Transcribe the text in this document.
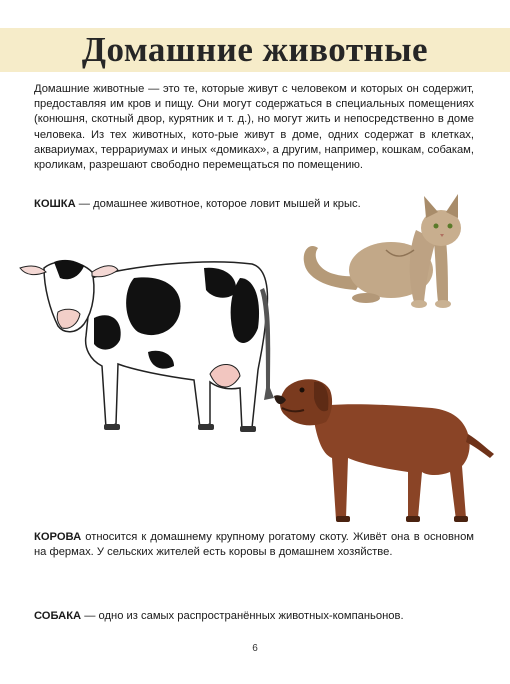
Домашние животные

Домашние животные — это те, которые живут с человеком и которых он содержит, предоставляя им кров и пищу. Они могут содержаться в специальных помещениях (конюшня, скотный двор, курятник и т. д.), но могут жить и непосредственно в доме человека. Из тех животных, кото-рые живут в доме, одних содержат в клетках, аквариумах, террариумах и иных «домиках», а другим, например, кошкам, собакам, кроликам, разрешают свободно перемещаться по помещению.

КОШКА — домашнее животное, которое ловит мышей и крыс.

КОРОВА относится к домашнему крупному рогатому скоту. Живёт она в основном на фермах. У сельских жителей есть коровы в домашнем хозяйстве.

СОБАКА — одно из самых распространённых животных-компаньонов.

6
